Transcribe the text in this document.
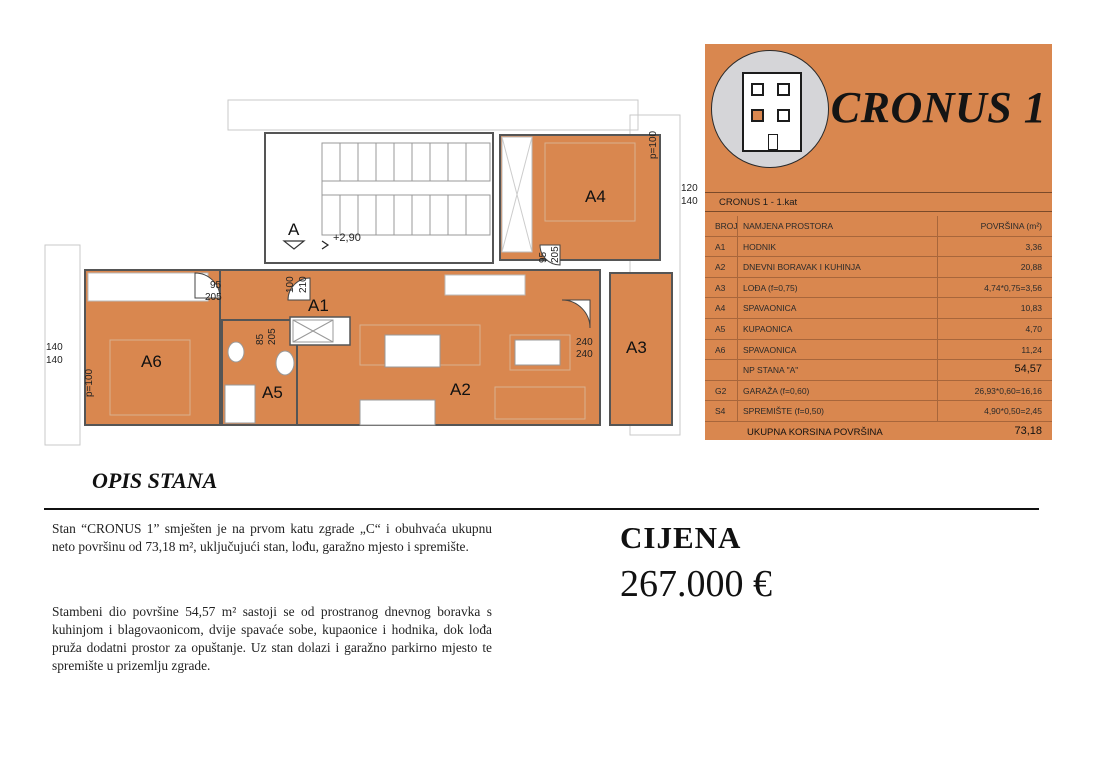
A	+2,90
A4
A6
A1
A2
A5
A3
p=100
p=100
95 205
95
205
100 210
85 205	240
240
120
140
140
140
CRONUS 1
CRONUS 1 - 1.kat
BROJ NAMJENA PROSTORA	POVRŠINA (m²)
A1 HODNIK	3,36
A2 DNEVNI BORAVAK I KUHINJA	20,88
A3 LOĐA (f=0,75)	4,74*0,75=3,56
A4 SPAVAONICA	10,83
A5 KUPAONICA	4,70
A6 SPAVAONICA	11,24
NP STANA "A"	54,57
G2 GARAŽA (f=0,60)	26,93*0,60=16,16
S4 SPREMIŠTE (f=0,50)	4,90*0,50=2,45
UKUPNA KORSINA POVRŠINA	73,18
OPIS STANA
Stan “CRONUS 1” smješten je na prvom katu zgrade „C“ i obuhvaća ukupnu neto površinu od 73,18 m², uključujući stan, lođu, garažno mjesto i spremište.
Stambeni dio površine 54,57 m² sastoji se od prostranog dnevnog boravka s kuhinjom i blagovaonicom, dvije spavaće sobe, kupaonice i hodnika, dok lođa pruža dodatni prostor za opuštanje. Uz stan dolazi i garažno parkirno mjesto te spremište u prizemlju zgrade.
CIJENA
267.000 €
